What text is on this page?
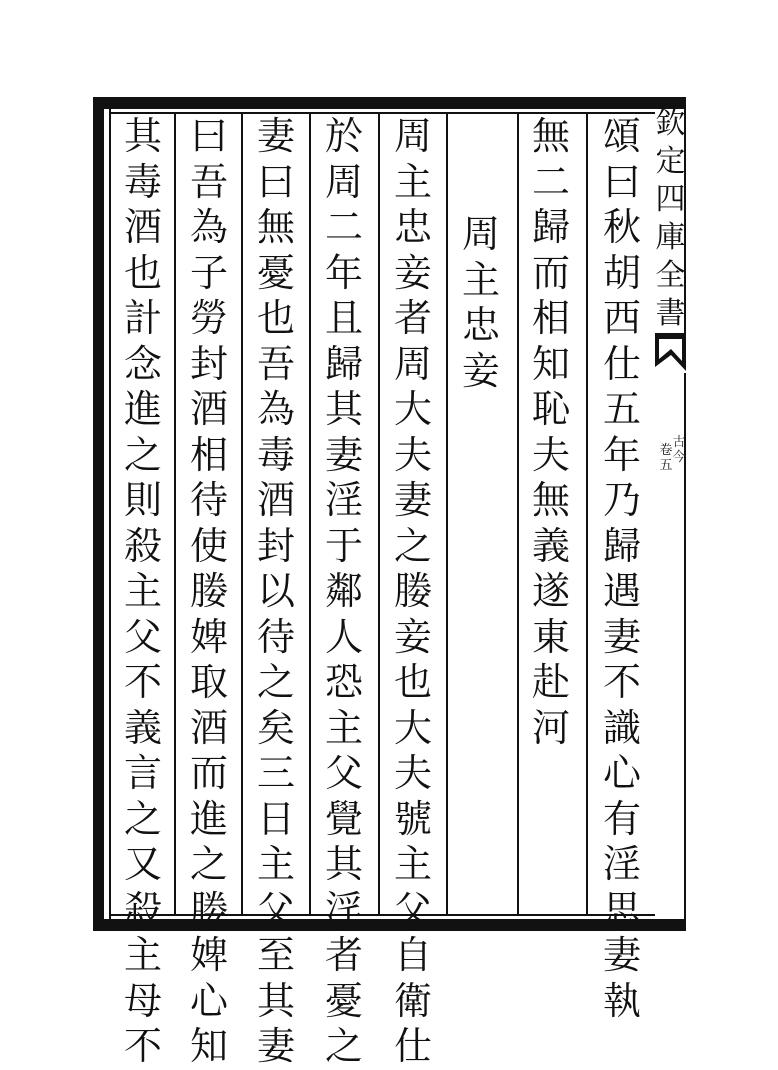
頌
曰
秋
胡
西
仕
五
年
乃
歸
遇
妻
不
識
心
有
淫
思
妻
執
無
二
歸
而
相
知
恥
夫
無
義
遂
東
赴
河
周
主
忠
妾
周
主
忠
妾
者
周
大
夫
妻
之
媵
妾
也
大
夫
號
主
父
自
衛
仕
於
周
二
年
且
歸
其
妻
淫
于
鄰
人
恐
主
父
覺
其
淫
者
憂
之
妻
曰
無
憂
也
吾
為
毒
酒
封
以
待
之
矣
三
日
主
父
至
其
妻
曰
吾
為
子
勞
封
酒
相
待
使
媵
婢
取
酒
而
進
之
媵
婢
心
知
其
毒
酒
也
計
念
進
之
則
殺
主
父
不
義
言
之
又
殺
主
母
不
欽
定
四
庫
全
書
卷
五
古
今
